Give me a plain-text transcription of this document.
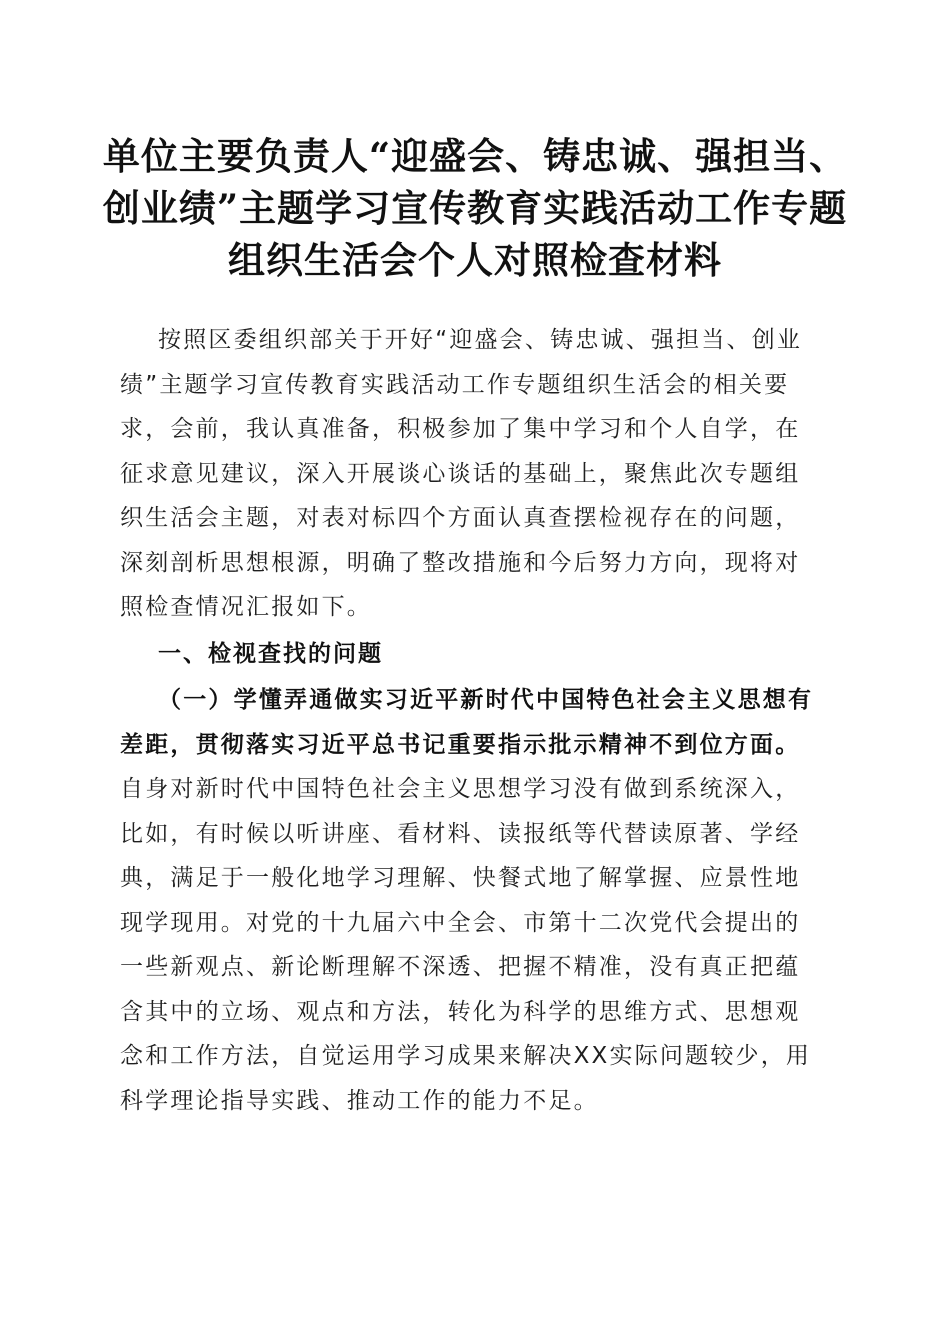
单位主要负责人“迎盛会、铸忠诚、强担当、
创业绩”主题学习宣传教育实践活动工作专题
组织生活会个人对照检查材料

按照区委组织部关于开好“迎盛会、铸忠诚、强担当、创业
绩”主题学习宣传教育实践活动工作专题组织生活会的相关要
求，会前，我认真准备，积极参加了集中学习和个人自学，在
征求意见建议，深入开展谈心谈话的基础上，聚焦此次专题组
织生活会主题，对表对标四个方面认真查摆检视存在的问题，
深刻剖析思想根源，明确了整改措施和今后努力方向，现将对
照检查情况汇报如下。

一、检视查找的问题

（一）学懂弄通做实习近平新时代中国特色社会主义思想有
差距，贯彻落实习近平总书记重要指示批示精神不到位方面。
自身对新时代中国特色社会主义思想学习没有做到系统深入，
比如，有时候以听讲座、看材料、读报纸等代替读原著、学经
典，满足于一般化地学习理解、快餐式地了解掌握、应景性地
现学现用。对党的十九届六中全会、市第十二次党代会提出的
一些新观点、新论断理解不深透、把握不精准，没有真正把蕴
含其中的立场、观点和方法，转化为科学的思维方式、思想观
念和工作方法，自觉运用学习成果来解决XX实际问题较少，用
科学理论指导实践、推动工作的能力不足。
